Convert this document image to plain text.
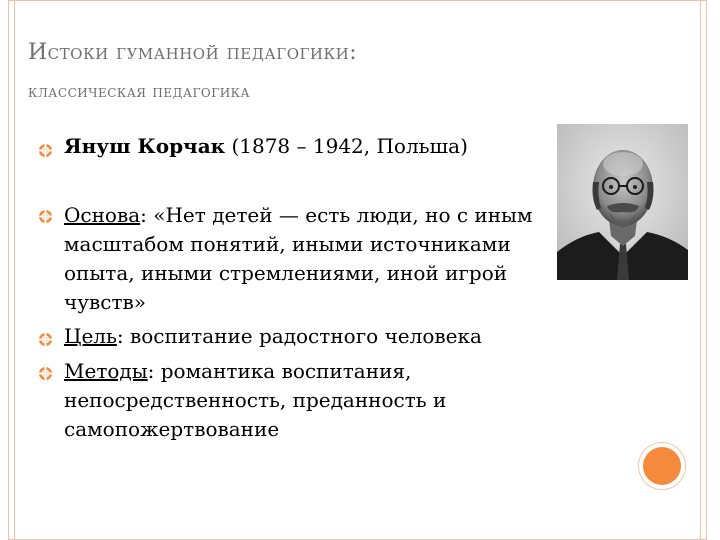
Истоки гуманной педагогики:
классическая педагогика
Януш Корчак (1878 – 1942, Польша)
Основа: «Нет детей — есть люди, но с иным масштабом понятий, иными источниками опыта, иными стремлениями, иной игрой чувств»
Цель: воспитание радостного человека
Методы: романтика воспитания, непосредственность, преданность и самопожертвование
